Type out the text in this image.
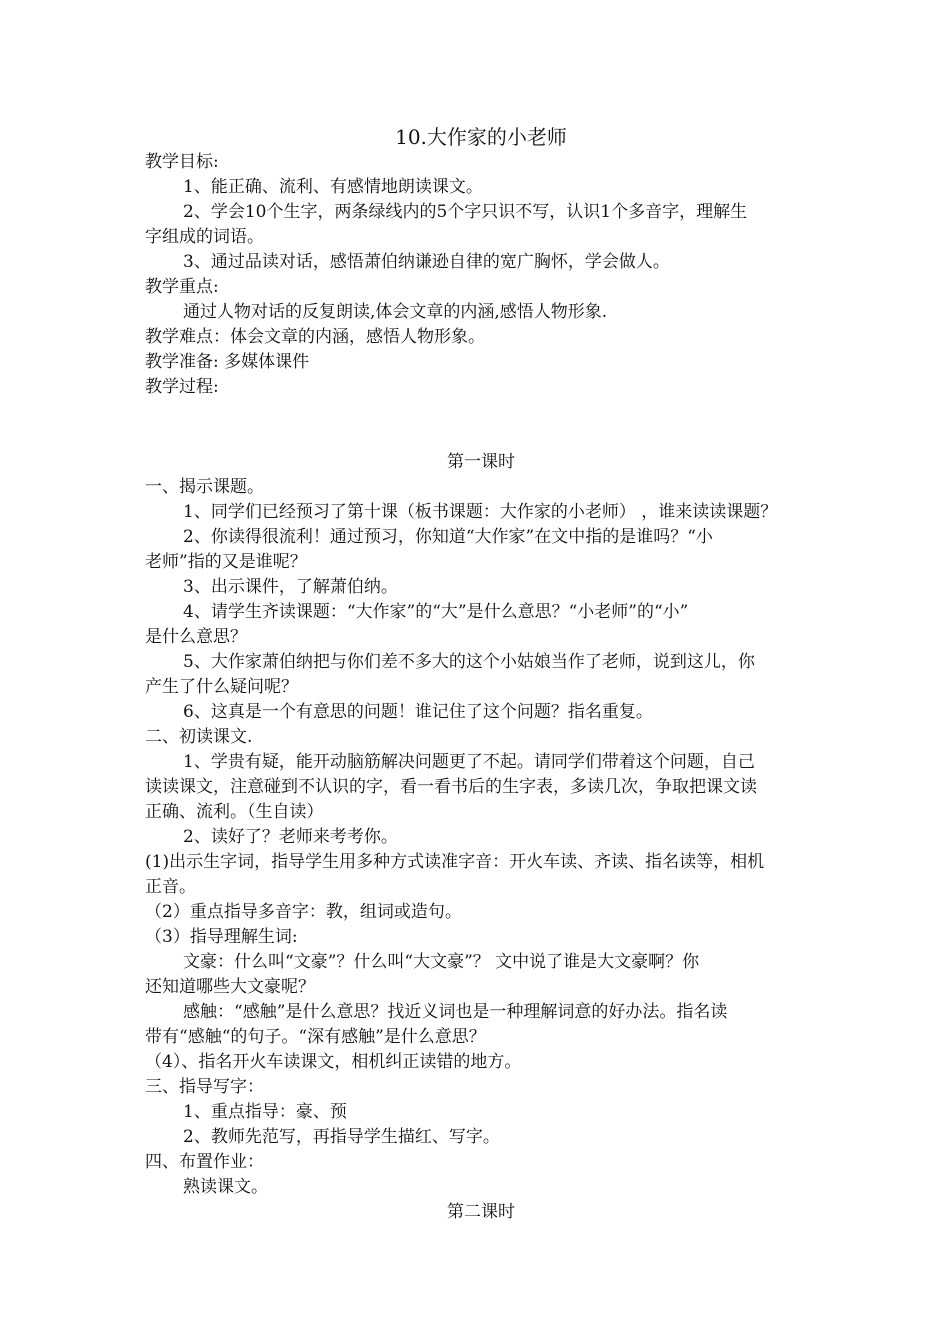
10.大作家的小老师
教学目标:
1、能正确、流利、有感情地朗读课文。
2、学会10个生字，两条绿线内的5个字只识不写，认识1个多音字，理解生
字组成的词语。
3、通过品读对话，感悟萧伯纳谦逊自律的宽广胸怀，学会做人。
教学重点:
通过人物对话的反复朗读,体会文章的内涵,感悟人物形象.
教学难点：体会文章的内涵，感悟人物形象。
教学准备: 多媒体课件
教学过程:
第一课时
一、揭示课题。
1、同学们已经预习了第十课（板书课题：大作家的小老师） ，谁来读读课题？
2、你读得很流利！通过预习，你知道“大作家”在文中指的是谁吗？“小
老师”指的又是谁呢？
3、出示课件，了解萧伯纳。
4、请学生齐读课题：“大作家”的“大”是什么意思？“小老师”的“小”
是什么意思？
5、大作家萧伯纳把与你们差不多大的这个小姑娘当作了老师，说到这儿，你
产生了什么疑问呢？
6、这真是一个有意思的问题！谁记住了这个问题？指名重复。
二、初读课文.
1、学贵有疑，能开动脑筋解决问题更了不起。请同学们带着这个问题，自己
读读课文，注意碰到不认识的字，看一看书后的生字表，多读几次，争取把课文读
正确、流利。（生自读）
2、读好了？老师来考考你。
(1)出示生字词，指导学生用多种方式读准字音：开火车读、齐读、指名读等，相机
正音。
（2）重点指导多音字：教，组词或造句。
（3）指导理解生词:
文豪：什么叫“文豪”？什么叫“大文豪”？ 文中说了谁是大文豪啊？你
还知道哪些大文豪呢？
感触：“感触”是什么意思？找近义词也是一种理解词意的好办法。指名读
带有“感触“的句子。“深有感触”是什么意思？
（4）、指名开火车读课文，相机纠正读错的地方。
三、指导写字：
1、重点指导：豪、预
2、教师先范写，再指导学生描红、写字。
四、布置作业：
熟读课文。
第二课时
